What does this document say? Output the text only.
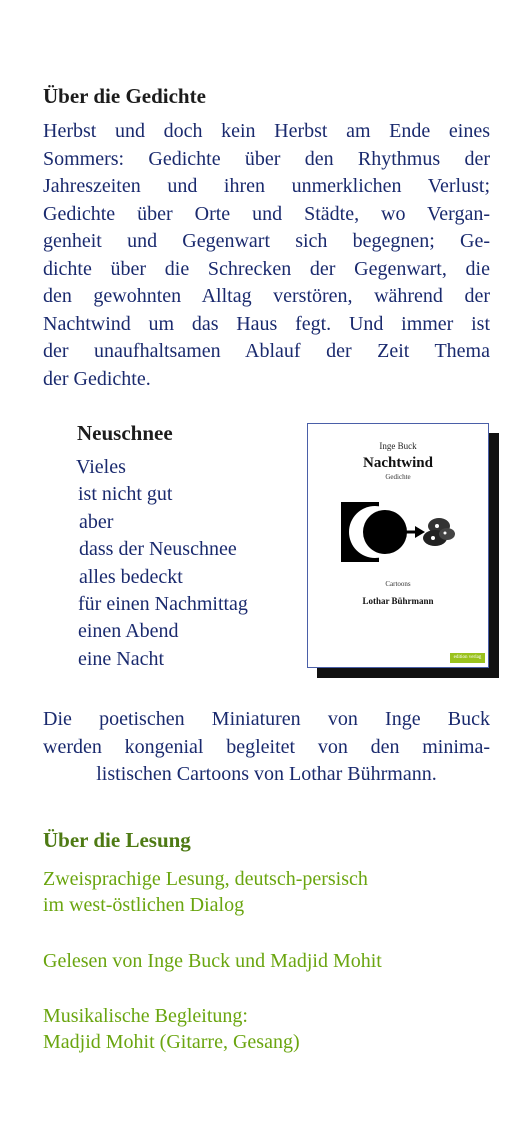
Über die Gedichte
Herbst und doch kein Herbst am Ende eines
Sommers: Gedichte über den Rhythmus der
Jahreszeiten und ihren unmerklichen Verlust;
Gedichte über Orte und Städte, wo Vergan-
genheit und Gegenwart sich begegnen; Ge-
dichte über die Schrecken der Gegenwart, die
den gewohnten Alltag verstören, während der
Nachtwind um das Haus fegt. Und immer ist
der unaufhaltsamen Ablauf der Zeit Thema
der Gedichte.
Neuschnee
Vieles
ist nicht gut
aber
dass der Neuschnee
alles bedeckt
für einen Nachmittag
einen Abend
eine Nacht
Inge Buck
Nachtwind
Gedichte
Cartoons
Lothar Bührmann
edition verlag
Die poetischen Miniaturen von Inge Buck
werden kongenial begleitet von den minima-
listischen Cartoons von Lothar Bührmann.
Über die Lesung
Zweisprachige Lesung, deutsch-persisch
im west-östlichen Dialog
Gelesen von Inge Buck und Madjid Mohit
Musikalische Begleitung:
Madjid Mohit (Gitarre, Gesang)
